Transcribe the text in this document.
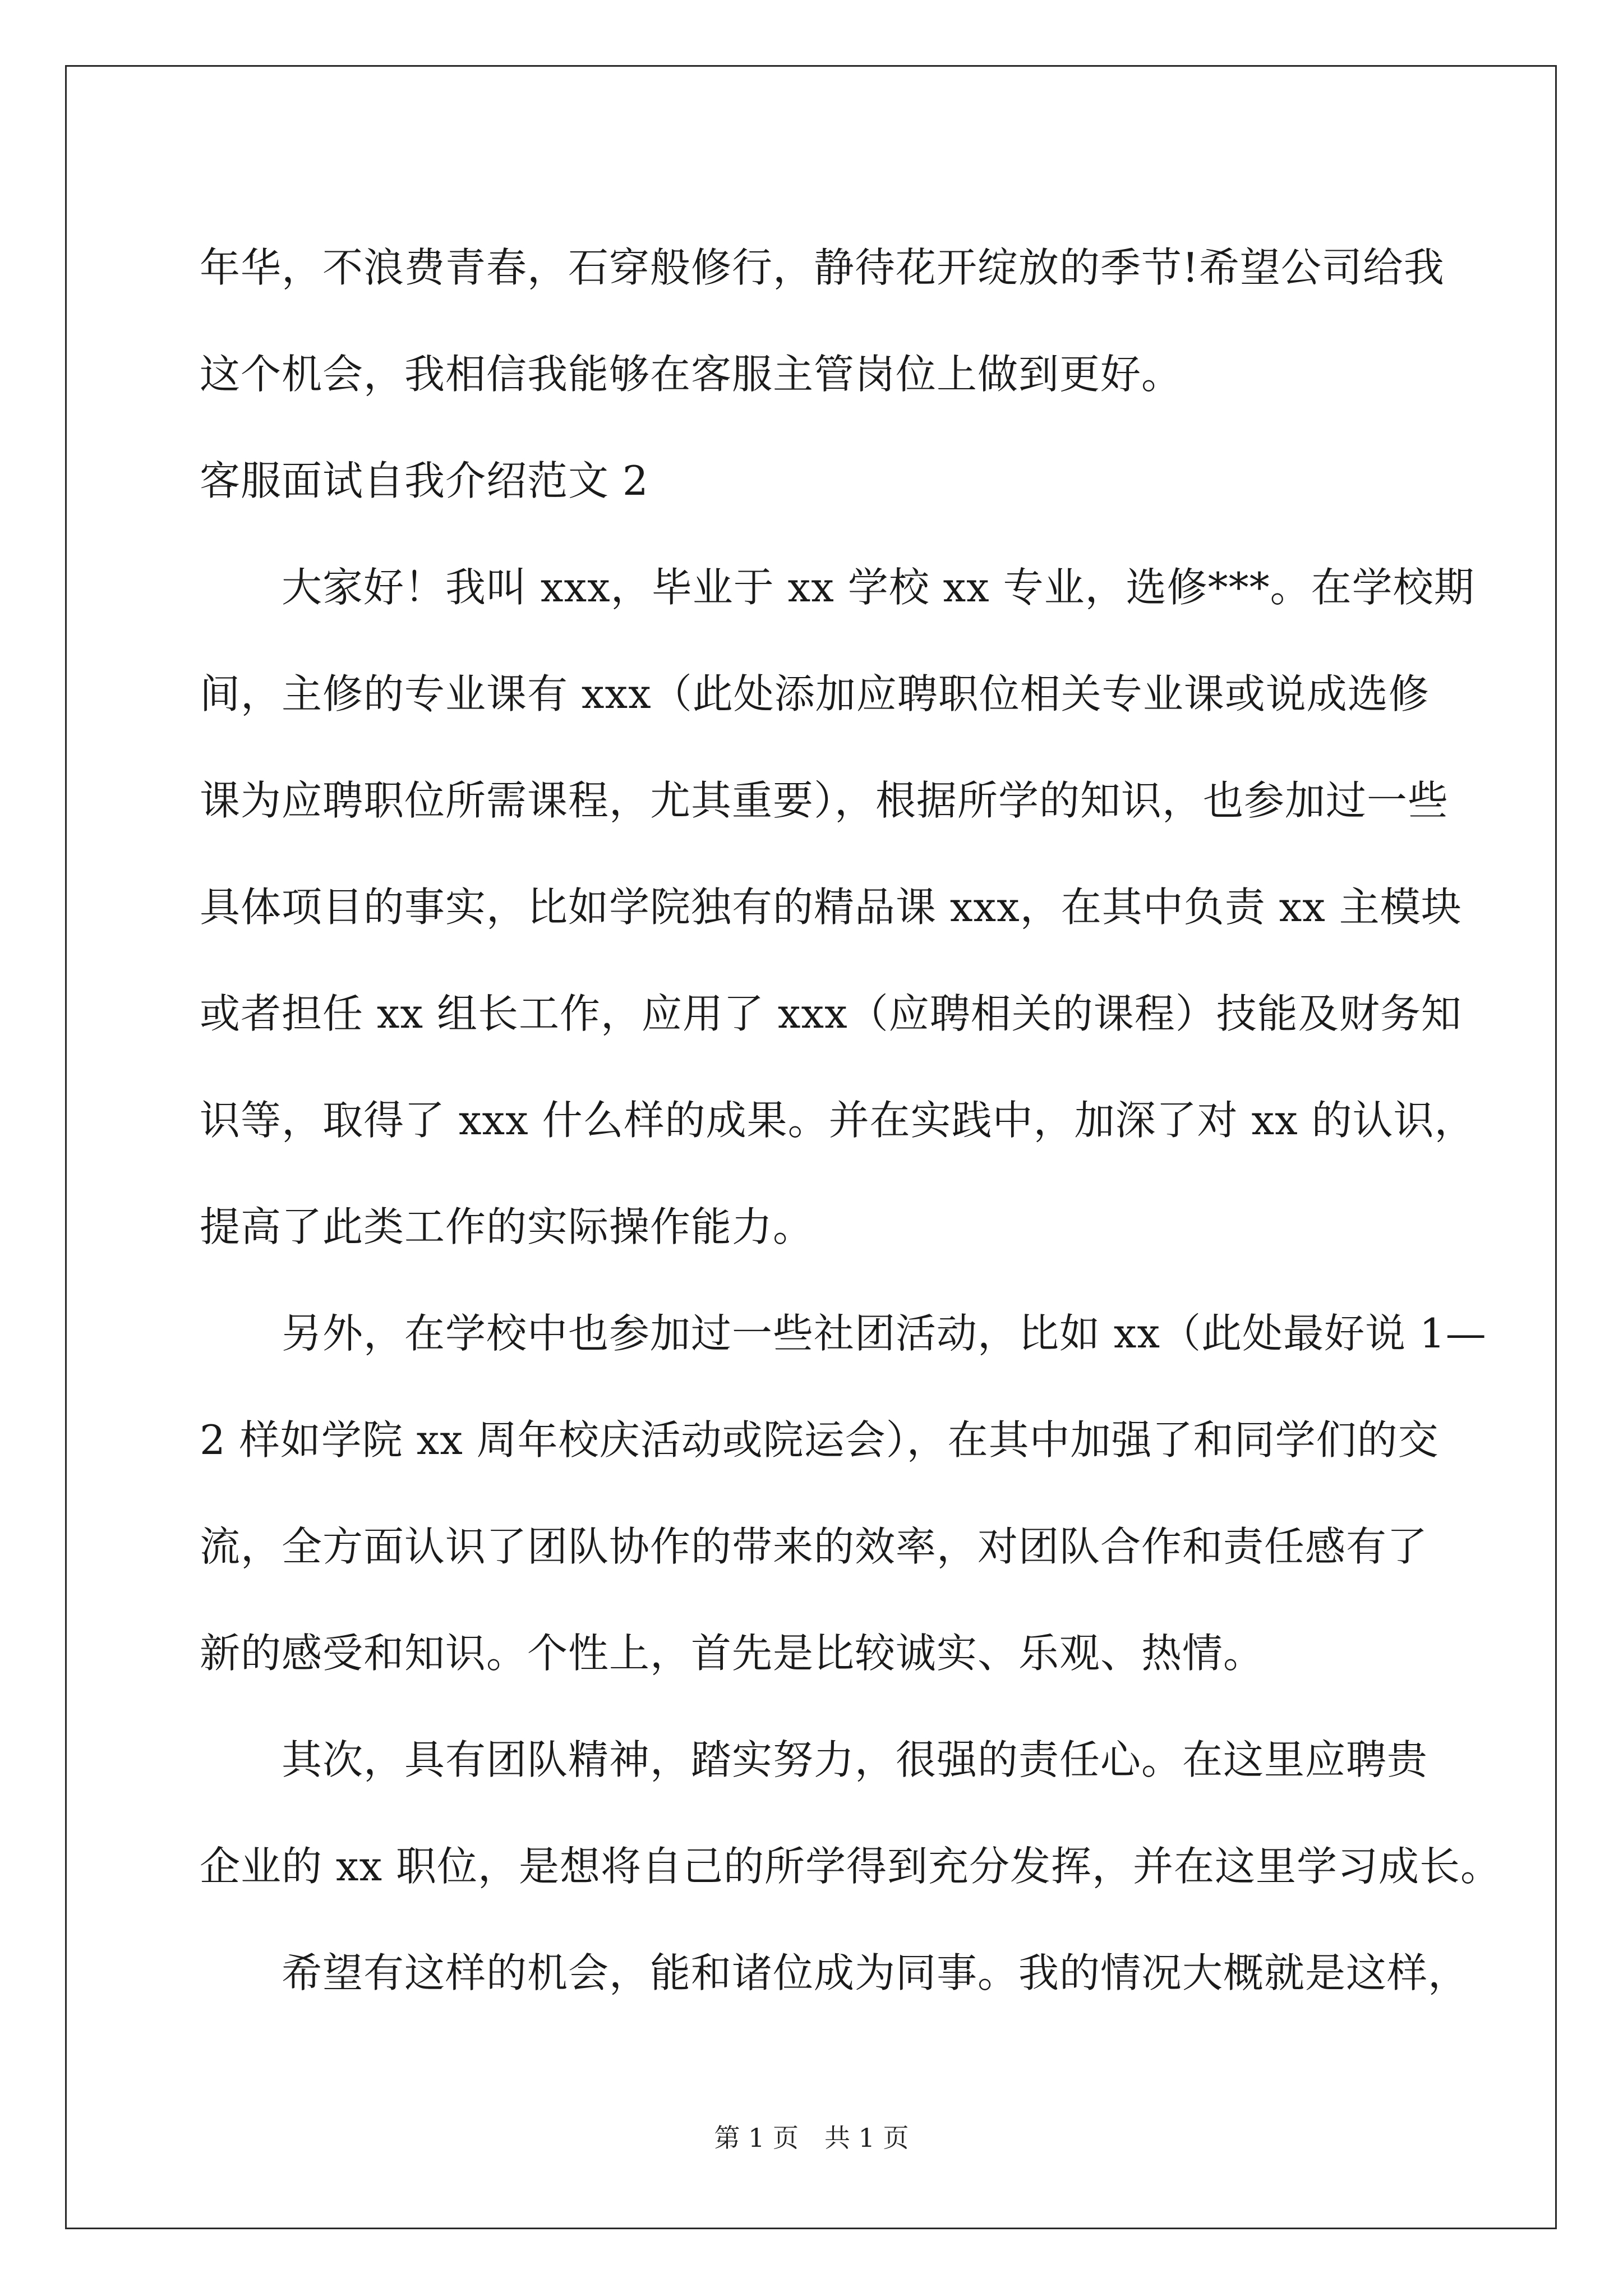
年华，不浪费青春，石穿般修行，静待花开绽放的季节!希望公司给我
这个机会，我相信我能够在客服主管岗位上做到更好。
客服面试自我介绍范文 2
　　大家好！我叫 xxx，毕业于 xx 学校 xx 专业，选修***。在学校期
间，主修的专业课有 xxx（此处添加应聘职位相关专业课或说成选修
课为应聘职位所需课程，尤其重要），根据所学的知识，也参加过一些
具体项目的事实，比如学院独有的精品课 xxx，在其中负责 xx 主模块
或者担任 xx 组长工作，应用了 xxx（应聘相关的课程）技能及财务知
识等，取得了 xxx 什么样的成果。并在实践中，加深了对 xx 的认识，
提高了此类工作的实际操作能力。
　　另外，在学校中也参加过一些社团活动，比如 xx（此处最好说 1—
2 样如学院 xx 周年校庆活动或院运会），在其中加强了和同学们的交
流，全方面认识了团队协作的带来的效率，对团队合作和责任感有了
新的感受和知识。个性上，首先是比较诚实、乐观、热情。
　　其次，具有团队精神，踏实努力，很强的责任心。在这里应聘贵
企业的 xx 职位，是想将自己的所学得到充分发挥，并在这里学习成长。
　　希望有这样的机会，能和诸位成为同事。我的情况大概就是这样，
第 1 页　共 1 页
